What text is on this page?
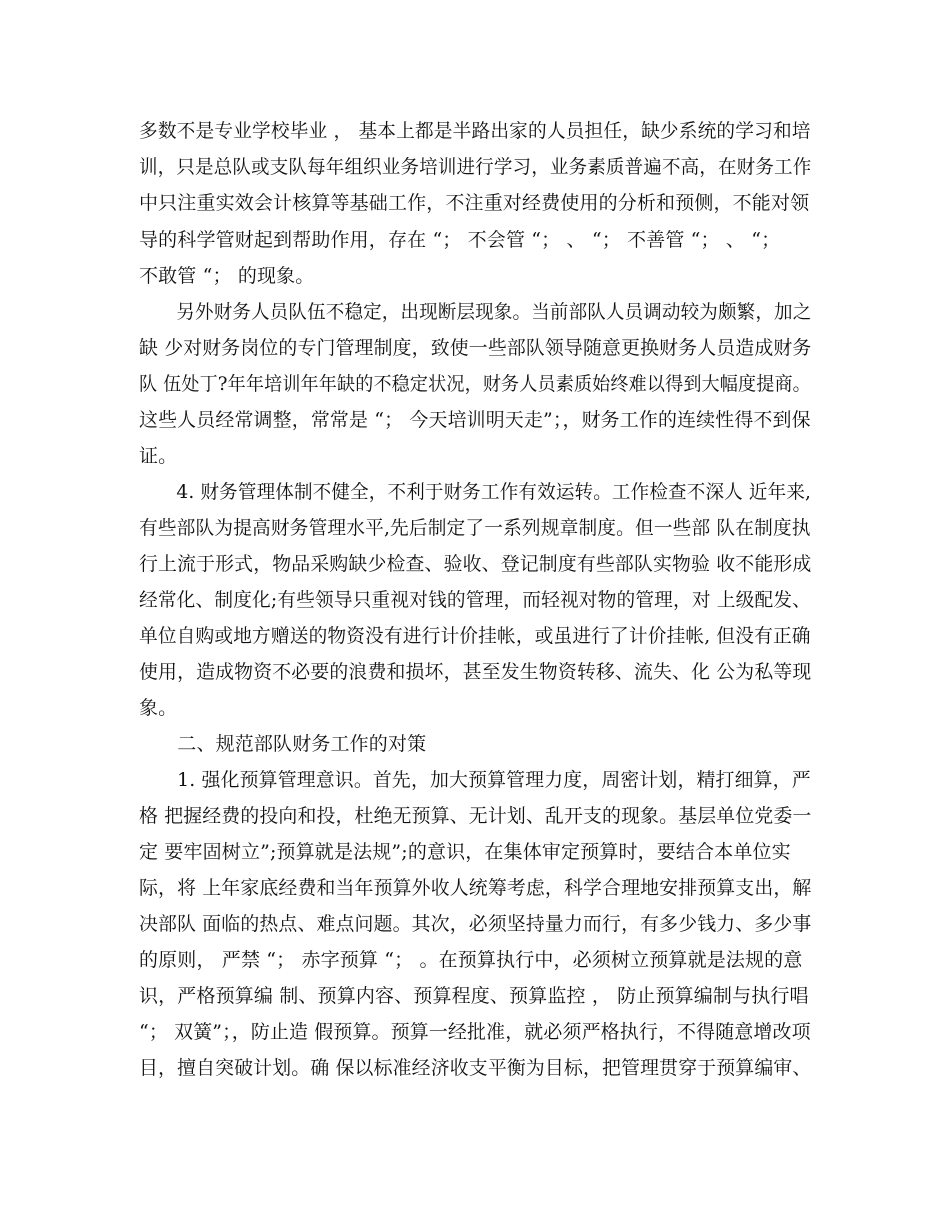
多数不是专业学校毕业 ， 基本上都是半路出家的人员担任，缺少系统的学习和培
训，只是总队或支队每年组织业务培训进行学习，业务素质普遍不高，在财务工作
中只注重实效会计核算等基础工作，不注重对经费使用的分析和预侧，不能对领
导的科学管财起到帮助作用，存在 “； 不会管 “； 、 “； 不善管 “； 、 “；
不敢管 “； 的现象。
　　另外财务人员队伍不稳定，出现断层现象。当前部队人员调动较为颇繁，加之
缺 少对财务岗位的专门管理制度，致使一些部队领导随意更换财务人员造成财务
队 伍处丁?年年培训年年缺的不稳定状况，财务人员素质始终难以得到大幅度提商。
这些人员经常调整，常常是 “； 今天培训明天走”；，财务工作的连续性得不到保
证。
　　4. 财务管理体制不健全，不利于财务工作有效运转。工作检查不深人 近年来,
有些部队为提高财务管理水平,先后制定了一系列规章制度。但一些部 队在制度执
行上流于形式，物品采购缺少检查、验收、登记制度有些部队实物验 收不能形成
经常化、制度化;有些领导只重视对钱的管理，而轻视对物的管理，对 上级配发、
单位自购或地方赠送的物资没有进行计价挂帐，或虽进行了计价挂帐, 但没有正确
使用，造成物资不必要的浪费和损坏，甚至发生物资转移、流失、化 公为私等现
象。
　　二、规范部队财务工作的对策
　　1. 强化预算管理意识。首先，加大预算管理力度，周密计划，精打细算，严
格 把握经费的投向和投，杜绝无预算、无计划、乱开支的现象。基层单位党委一
定 要牢固树立”;预算就是法规”;的意识，在集体审定预算时，要结合本单位实
际，将 上年家底经费和当年预算外收人统筹考虑，科学合理地安排预算支出，解
决部队 面临的热点、难点问题。其次，必须坚持量力而行，有多少钱力、多少事
的原则， 严禁 “； 赤字预算 “； 。在预算执行中，必须树立预算就是法规的意
识，严格预算编 制、预算内容、预算程度、预算监控 ， 防止预算编制与执行唱
“； 双簧”；，防止造 假预算。预算一经批准，就必须严格执行，不得随意增改项
目，擅自突破计划。确 保以标准经济收支平衡为目标，把管理贯穿于预算编审、
